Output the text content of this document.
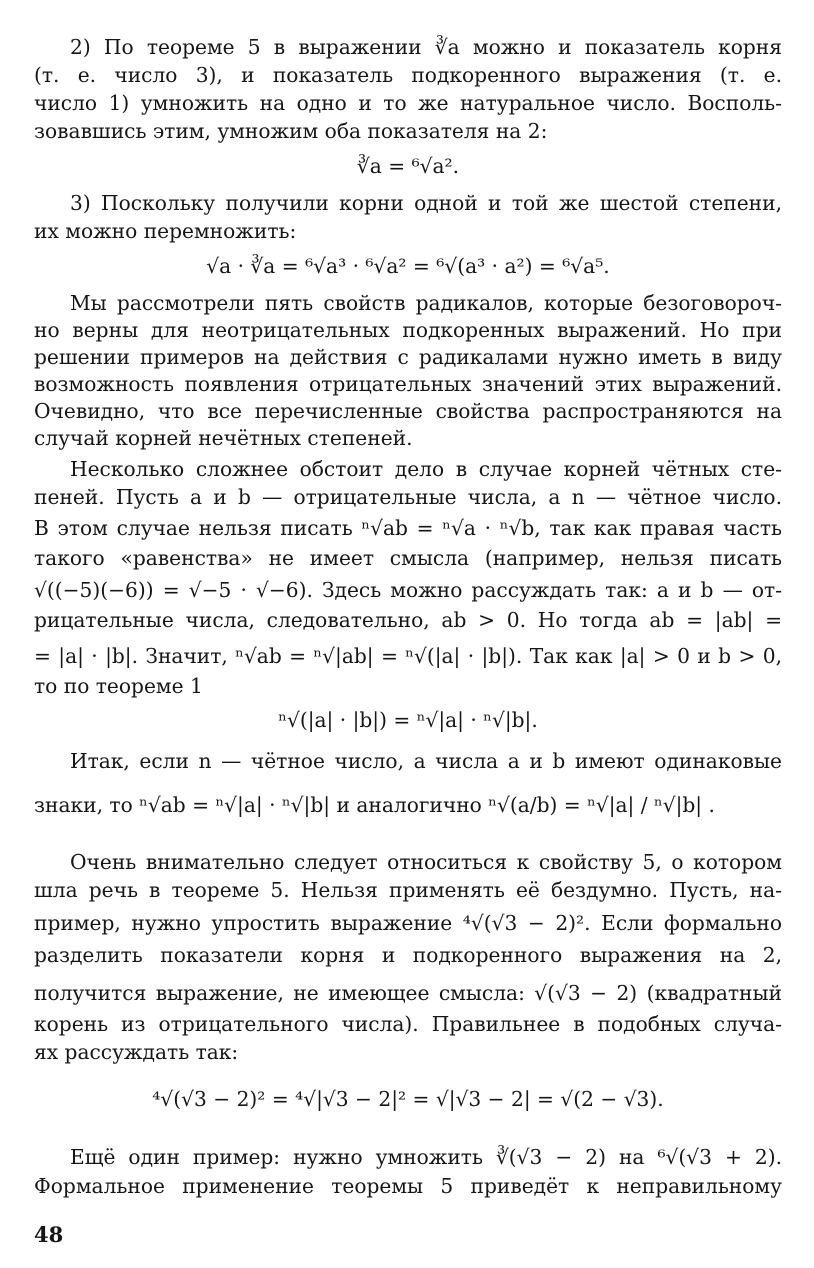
2) По теореме 5 в выражении ∛a можно и показатель корня
(т. е. число 3), и показатель подкоренного выражения (т. е.
число 1) умножить на одно и то же натуральное число. Восполь-
зовавшись этим, умножим оба показателя на 2:
∛a = ⁶√a².
3) Поскольку получили корни одной и той же шестой степени,
их можно перемножить:
√a · ∛a = ⁶√a³ · ⁶√a² = ⁶√(a³ · a²) = ⁶√a⁵.
Мы рассмотрели пять свойств радикалов, которые безоговороч-
но верны для неотрицательных подкоренных выражений. Но при
решении примеров на действия с радикалами нужно иметь в виду
возможность появления отрицательных значений этих выражений.
Очевидно, что все перечисленные свойства распространяются на
случай корней нечётных степеней.
Несколько сложнее обстоит дело в случае корней чётных сте-
пеней. Пусть a и b — отрицательные числа, а n — чётное число.
В этом случае нельзя писать ⁿ√ab = ⁿ√a · ⁿ√b, так как правая часть
такого «равенства» не имеет смысла (например, нельзя писать
√((−5)(−6)) = √−5 · √−6). Здесь можно рассуждать так: a и b — от-
рицательные числа, следовательно, ab > 0. Но тогда ab = |ab| =
= |a| · |b|. Значит, ⁿ√ab = ⁿ√|ab| = ⁿ√(|a| · |b|). Так как |a| > 0 и b > 0,
то по теореме 1
ⁿ√(|a| · |b|) = ⁿ√|a| · ⁿ√|b|.
Итак, если n — чётное число, а числа a и b имеют одинаковые
знаки, то ⁿ√ab = ⁿ√|a| · ⁿ√|b| и аналогично ⁿ√(a/b) = ⁿ√|a| / ⁿ√|b| .
Очень внимательно следует относиться к свойству 5, о котором
шла речь в теореме 5. Нельзя применять её бездумно. Пусть, на-
пример, нужно упростить выражение ⁴√(√3 − 2)². Если формально
разделить показатели корня и подкоренного выражения на 2,
получится выражение, не имеющее смысла: √(√3 − 2) (квадратный
корень из отрицательного числа). Правильнее в подобных случа-
ях рассуждать так:
⁴√(√3 − 2)² = ⁴√|√3 − 2|² = √|√3 − 2| = √(2 − √3).
Ещё один пример: нужно умножить ∛(√3 − 2) на ⁶√(√3 + 2).
Формальное применение теоремы 5 приведёт к неправильному
48
